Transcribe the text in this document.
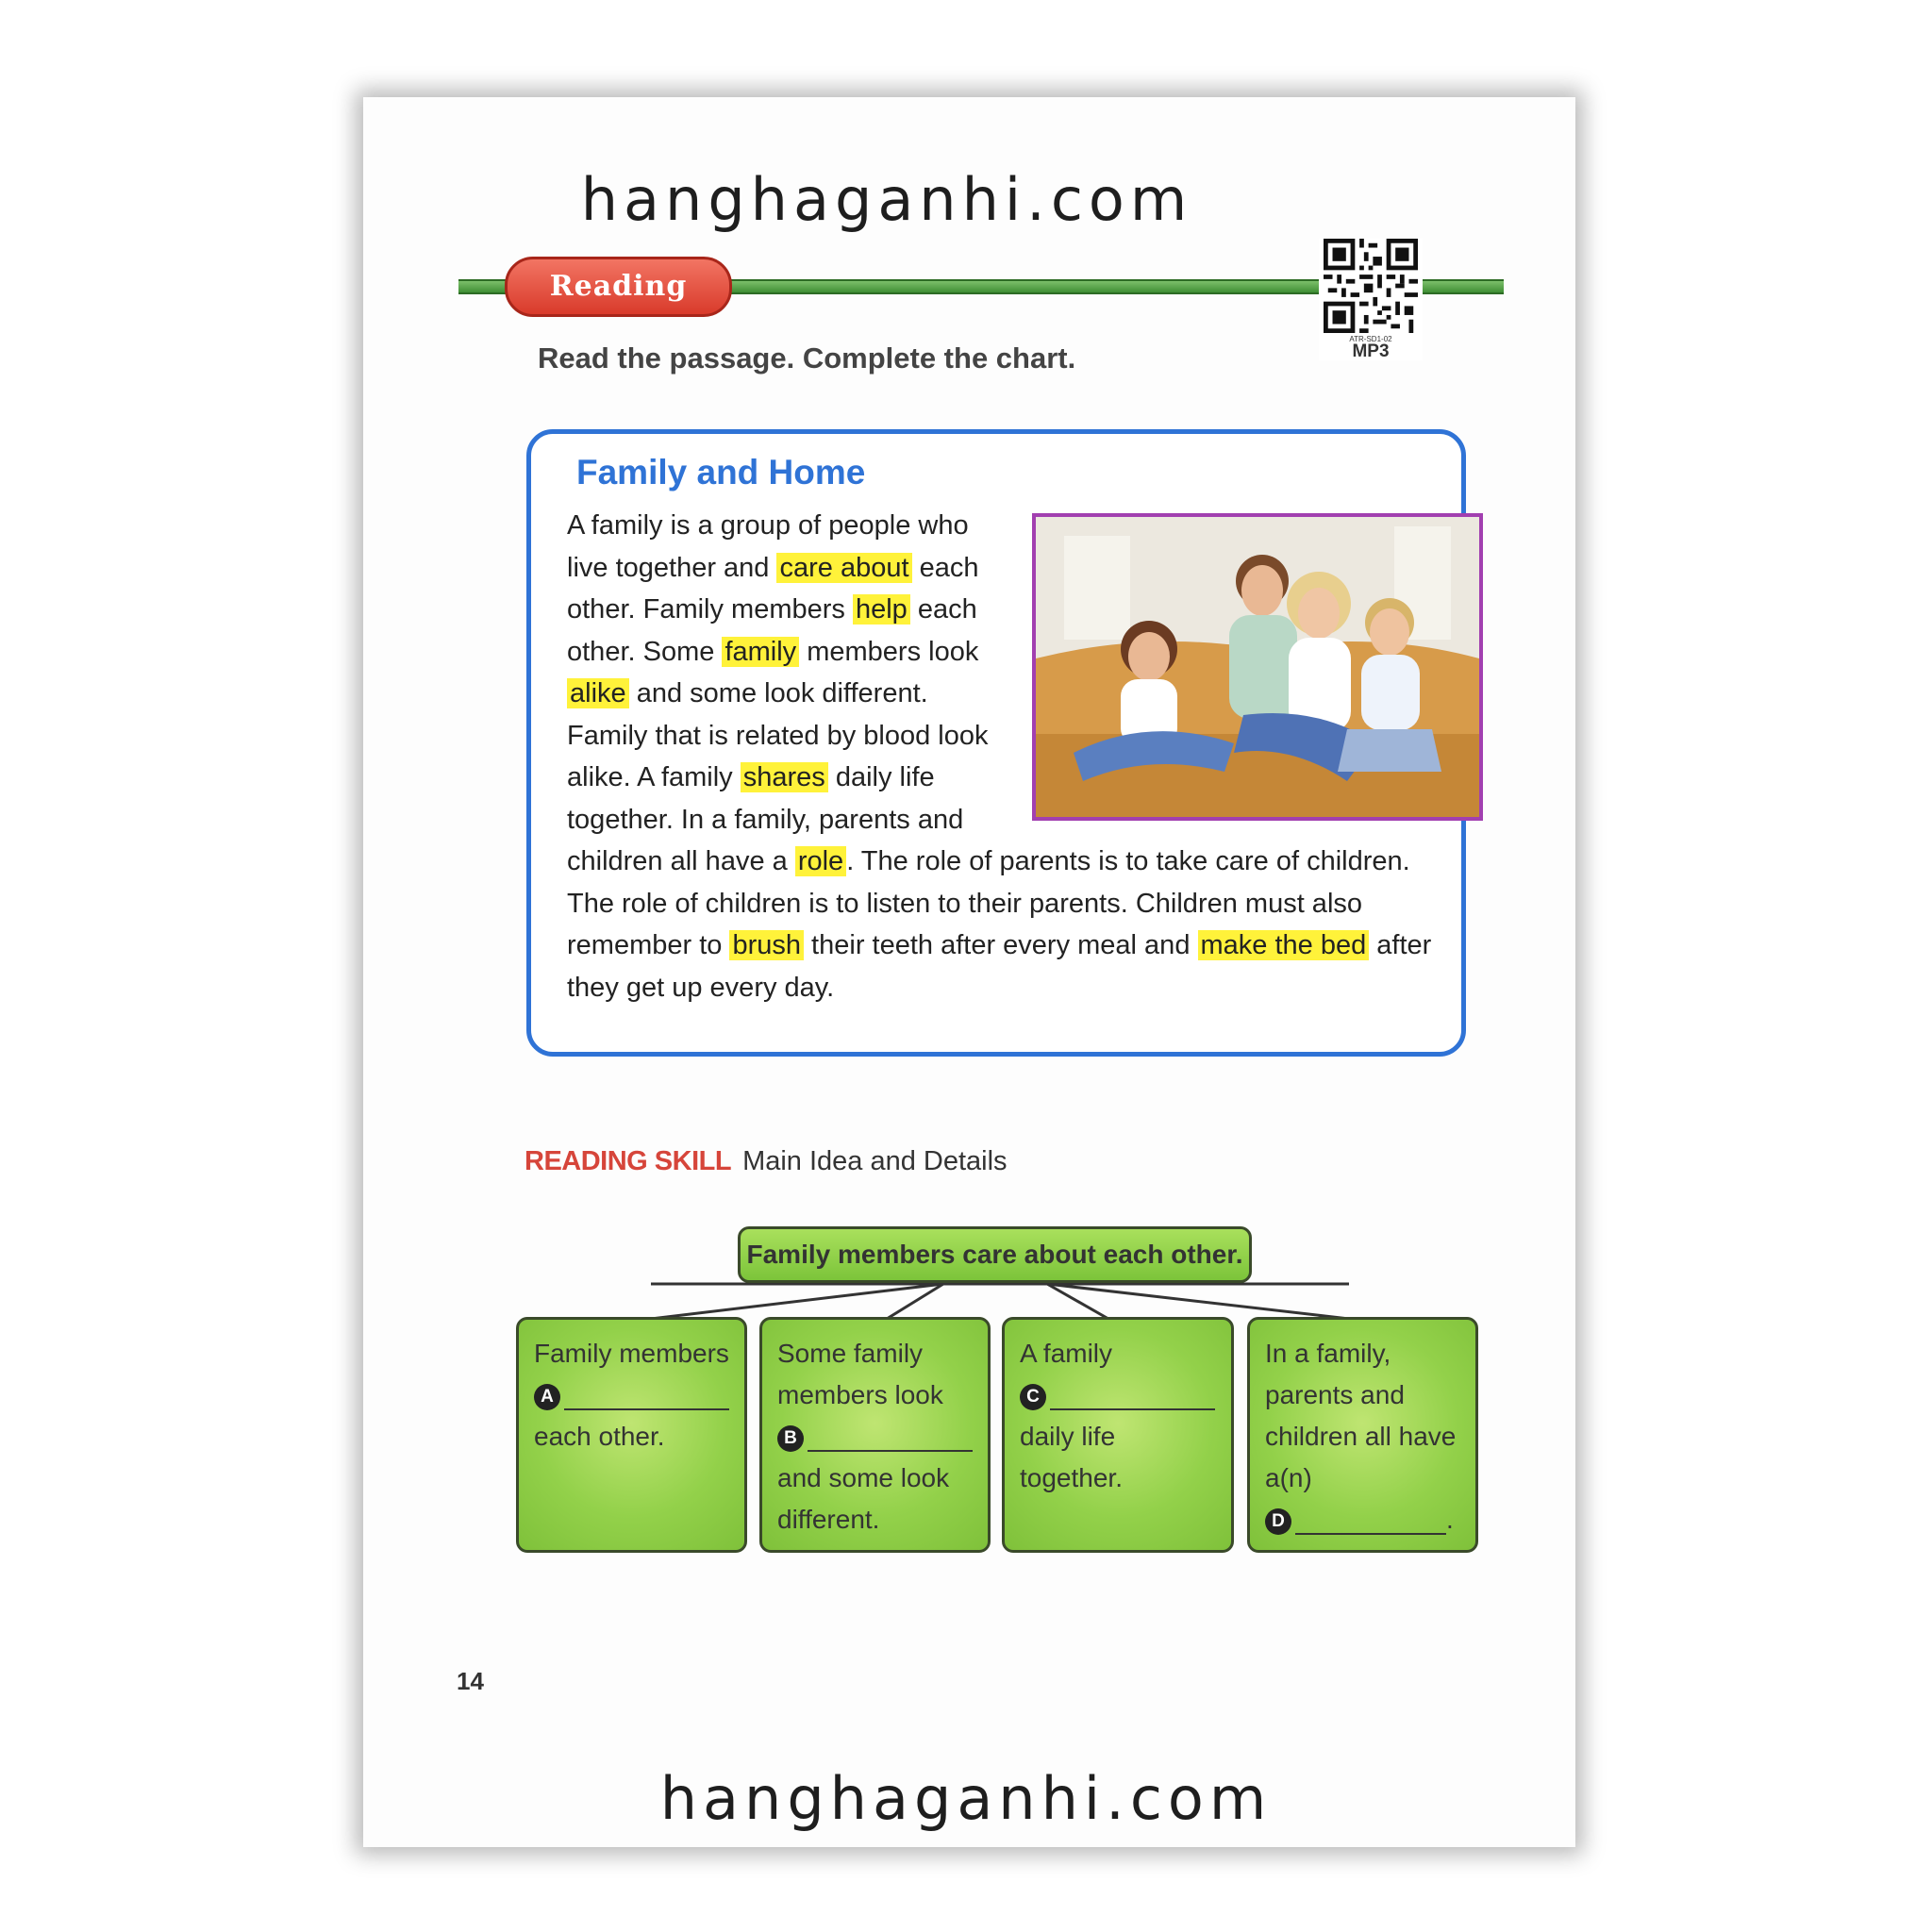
hanghaganhi.com
Reading
ATR-SD1-02
MP3
Read the passage. Complete the chart.
Family and Home
A family is a group of people who live together and care about each other. Family members help each other. Some family members look alike and some look different. Family that is related by blood look alike. A family shares daily life together. In a family, parents and children all have a role . The role of parents is to take care of children. The role of children is to listen to their parents. Children must also remember to brush their teeth after every meal and make the bed after they get up every day.
READING SKILL Main Idea and Details
Family members care about each other.
Family members
A
each other.
Some family members look
B
and some look different.
A family
C
daily life together.
In a family, parents and children all have a(n)
D	.
14
hanghaganhi.com
